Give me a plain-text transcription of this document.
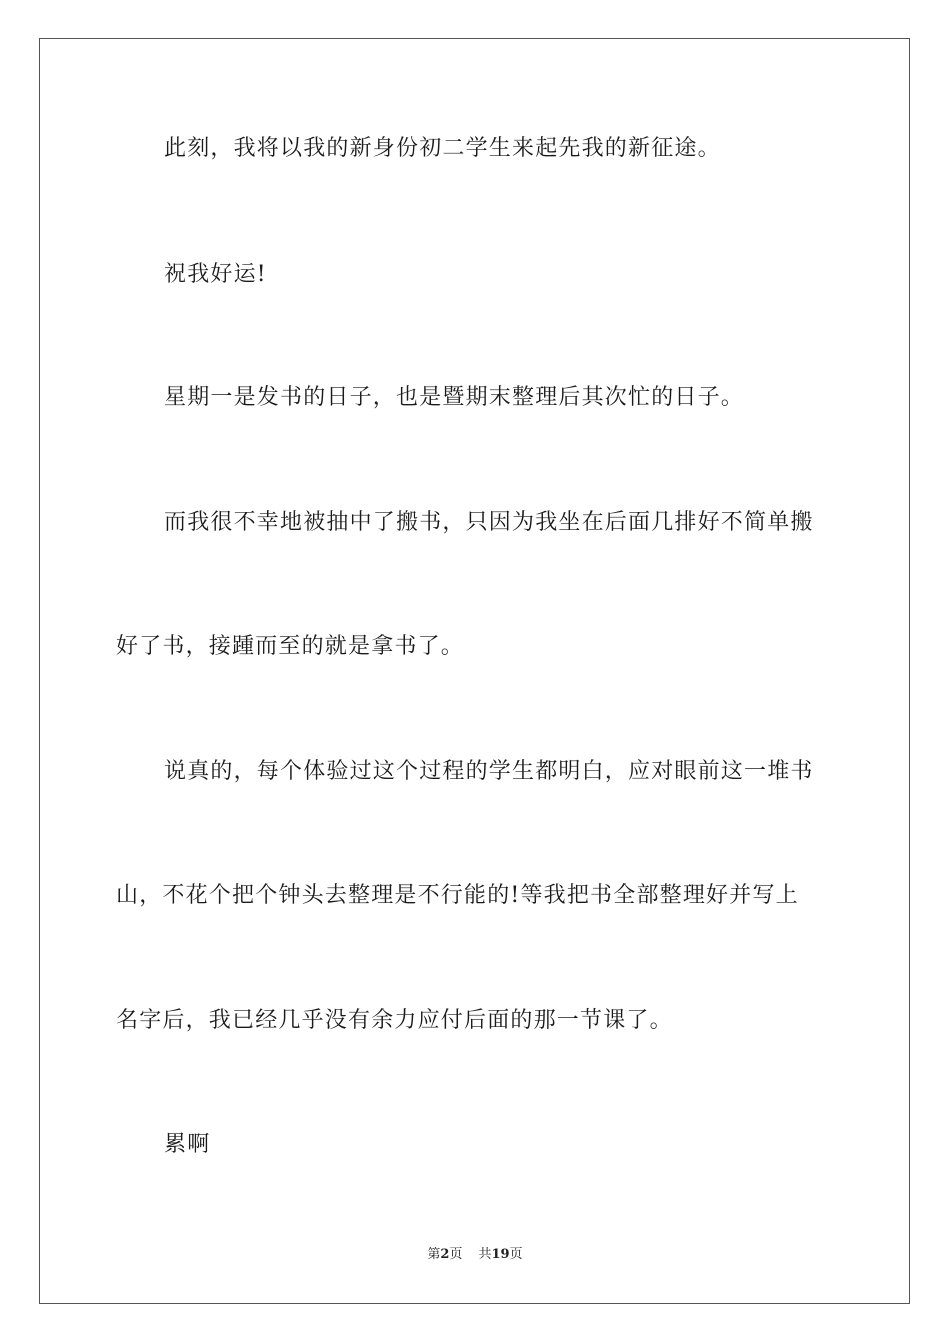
此刻，我将以我的新身份初二学生来起先我的新征途。
祝我好运!
星期一是发书的日子，也是暨期末整理后其次忙的日子。
而我很不幸地被抽中了搬书，只因为我坐在后面几排好不简单搬
好了书，接踵而至的就是拿书了。
说真的，每个体验过这个过程的学生都明白，应对眼前这一堆书
山，不花个把个钟头去整理是不行能的!等我把书全部整理好并写上
名字后，我已经几乎没有余力应付后面的那一节课了。
累啊
第2页 共19页
